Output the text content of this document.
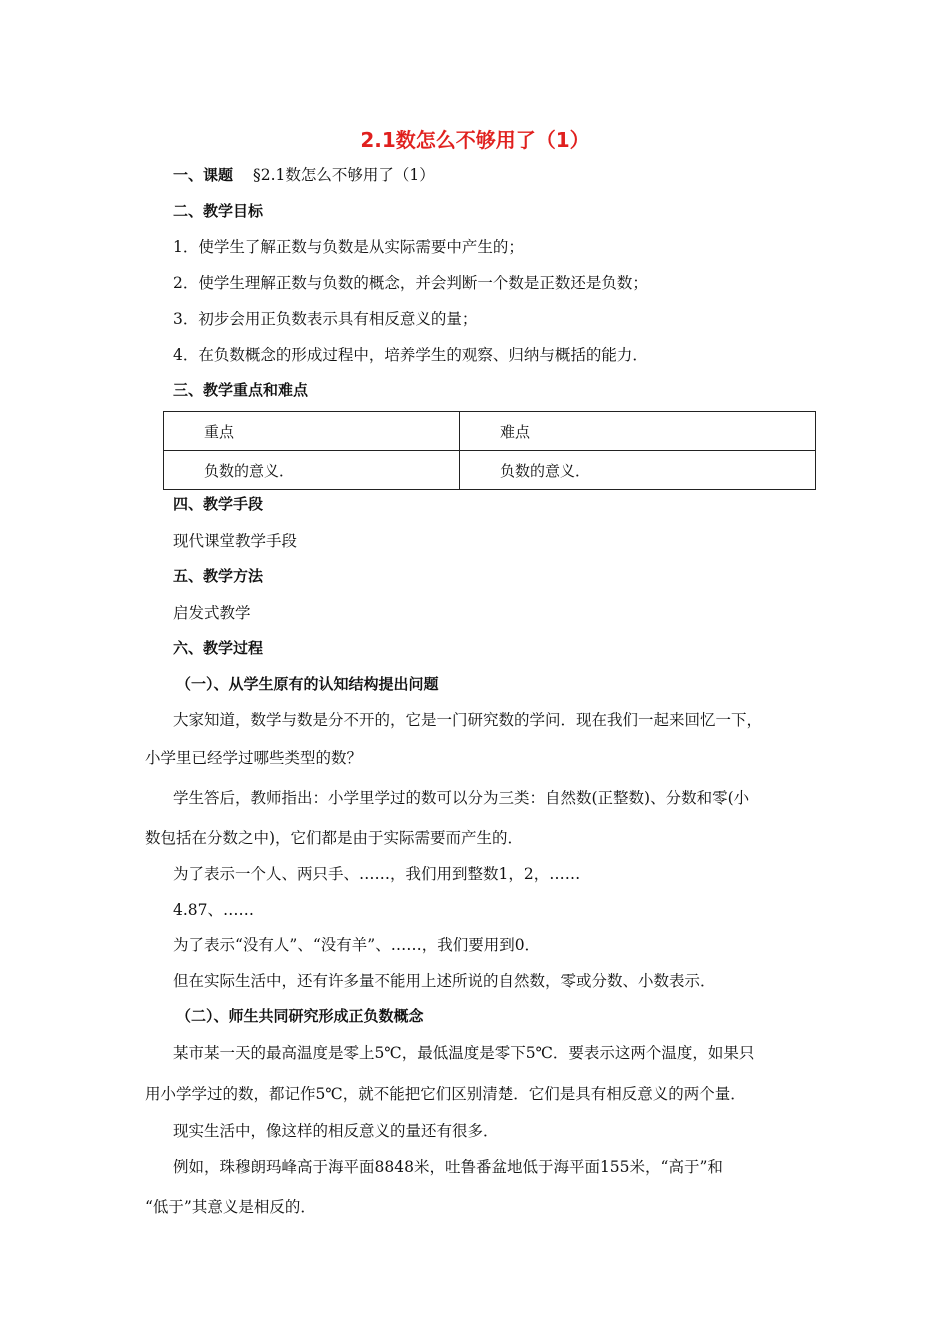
2.1数怎么不够用了（1）
一、课题 §2.1数怎么不够用了（1）
二、教学目标
1．使学生了解正数与负数是从实际需要中产生的；
2．使学生理解正数与负数的概念，并会判断一个数是正数还是负数；
3．初步会用正负数表示具有相反意义的量；
4．在负数概念的形成过程中，培养学生的观察、归纳与概括的能力．
三、教学重点和难点
重点	难点
负数的意义．	负数的意义．
四、教学手段
现代课堂教学手段
五、教学方法
启发式教学
六、教学过程
（一）、从学生原有的认知结构提出问题
大家知道，数学与数是分不开的，它是一门研究数的学问．现在我们一起来回忆一下，
小学里已经学过哪些类型的数？
学生答后，教师指出：小学里学过的数可以分为三类：自然数(正整数)、分数和零(小
数包括在分数之中)，它们都是由于实际需要而产生的．
为了表示一个人、两只手、……，我们用到整数1，2，……
4.87、……
为了表示“没有人”、“没有羊”、……，我们要用到0．
但在实际生活中，还有许多量不能用上述所说的自然数，零或分数、小数表示．
（二）、师生共同研究形成正负数概念
某市某一天的最高温度是零上5℃，最低温度是零下5℃．要表示这两个温度，如果只
用小学学过的数，都记作5℃，就不能把它们区别清楚．它们是具有相反意义的两个量．
现实生活中，像这样的相反意义的量还有很多．
例如，珠穆朗玛峰高于海平面8848米，吐鲁番盆地低于海平面155米，“高于”和
“低于”其意义是相反的．
